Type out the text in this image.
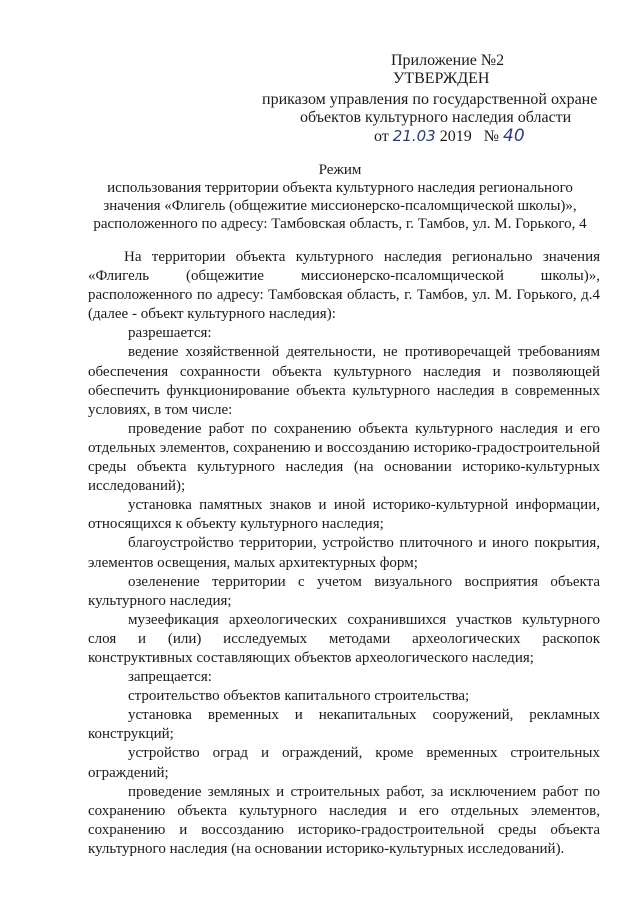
Приложение №2
УТВЕРЖДЕН
приказом управления по государственной охране
объектов культурного наследия области
от 21.03 2019 № 40
Режим
использования территории объекта культурного наследия регионального
значения «Флигель (общежитие миссионерско-псаломщической школы)»,
расположенного по адресу: Тамбовская область, г. Тамбов, ул. М. Горького, 4
На территории объекта культурного наследия регионально значения «Флигель (общежитие миссионерско-псаломщической школы)», расположенного по адресу: Тамбовская область, г. Тамбов, ул. М. Горького, д.4 (далее - объект культурного наследия):
разрешается:
ведение хозяйственной деятельности, не противоречащей требованиям обеспечения сохранности объекта культурного наследия и позволяющей обеспечить функционирование объекта культурного наследия в современных условиях, в том числе:
проведение работ по сохранению объекта культурного наследия и его отдельных элементов, сохранению и воссозданию историко-градостроительной среды объекта культурного наследия (на основании историко-культурных исследований);
установка памятных знаков и иной историко-культурной информации, относящихся к объекту культурного наследия;
благоустройство территории, устройство плиточного и иного покрытия, элементов освещения, малых архитектурных форм;
озеленение территории с учетом визуального восприятия объекта культурного наследия;
музеефикация археологических сохранившихся участков культурного слоя и (или) исследуемых методами археологических раскопок конструктивных составляющих объектов археологического наследия;
запрещается:
строительство объектов капитального строительства;
установка временных и некапитальных сооружений, рекламных конструкций;
устройство оград и ограждений, кроме временных строительных ограждений;
проведение земляных и строительных работ, за исключением работ по сохранению объекта культурного наследия и его отдельных элементов, сохранению и воссозданию историко-градостроительной среды объекта культурного наследия (на основании историко-культурных исследований).
